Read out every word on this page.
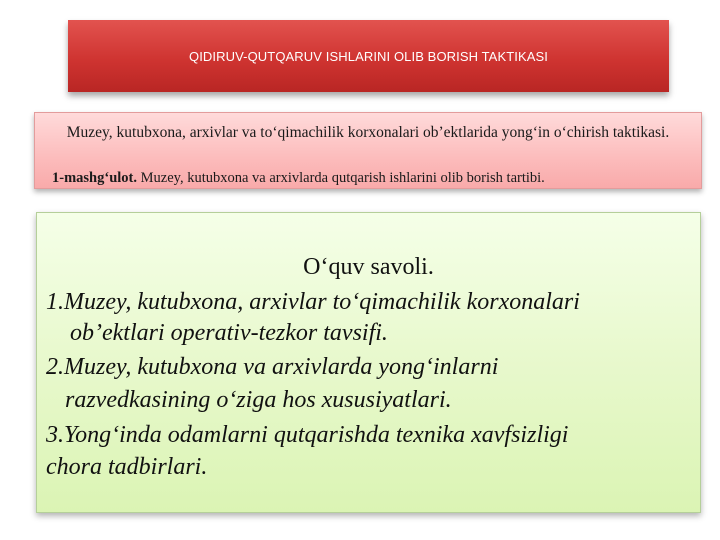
QIDIRUV-QUTQARUV ISHLARINI OLIB BORISH TAKTIKASI
Muzey, kutubxona, arxivlar va to‘qimachilik korxonalari ob’ektlarida yong‘in o‘chirish taktikasi.
1-mashg‘ulot. Muzey, kutubxona va arxivlarda qutqarish ishlarini olib borish tartibi.
O‘quv savoli.
1.Muzey, kutubxona, arxivlar to‘qimachilik korxonalari
ob’ektlari operativ-tezkor tavsifi.
2.Muzey, kutubxona va arxivlarda yong‘inlarni
razvedkasining o‘ziga hos xususiyatlari.
3.Yong‘inda odamlarni qutqarishda texnika xavfsizligi
chora tadbirlari.
